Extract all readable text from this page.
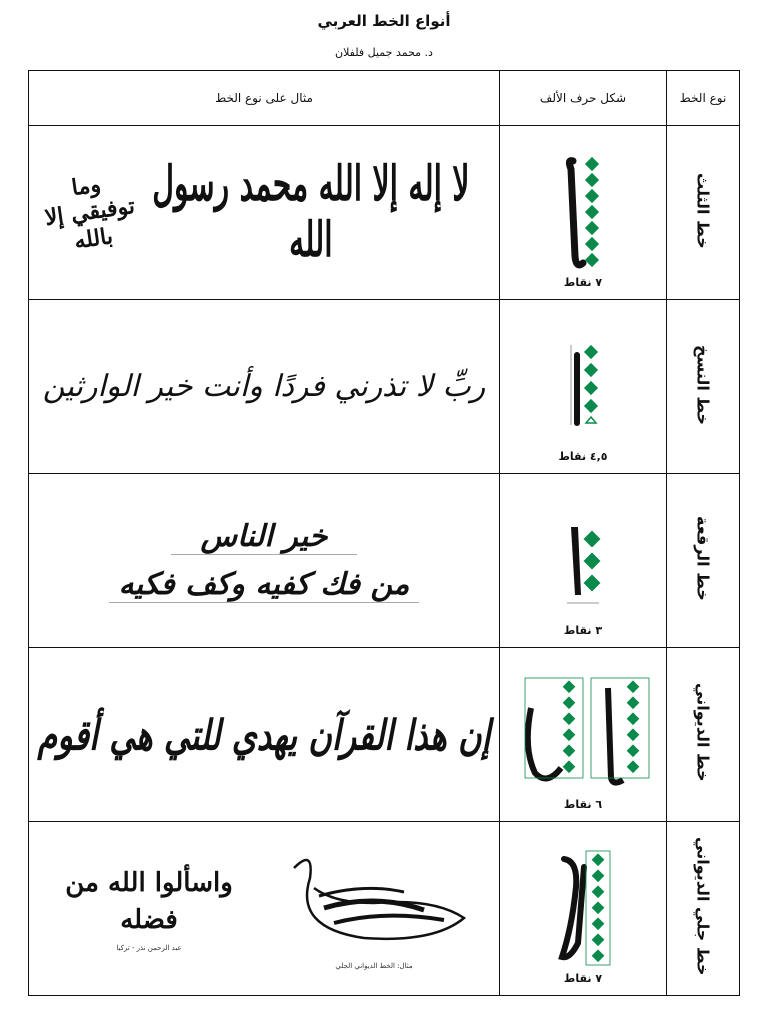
أنواع الخط العربي
د. محمد جميل فلفلان
نوع الخط	شكل حرف الألف	مثال على نوع الخط
خط الثلث	٧ نقاط	وما توفيقي إلا بالله
لا إله إلا الله محمد رسول الله

خط النسخ	٤,٥ نقاط	ربِّ لا تذرني فردًا وأنت خير الوارثين

خط الرقعة	٣ نقاط	خير الناس
من فك كفيه وكف فكيه
خط الديواني	٦ نقاط	إن هذا القرآن يهدي للتي هي أقوم
خط جلي الديواني	٧ نقاط	واسألوا الله من فضله
عبد الرحمن نذر - تركيا
مثال: الخط الديواني الجلي
